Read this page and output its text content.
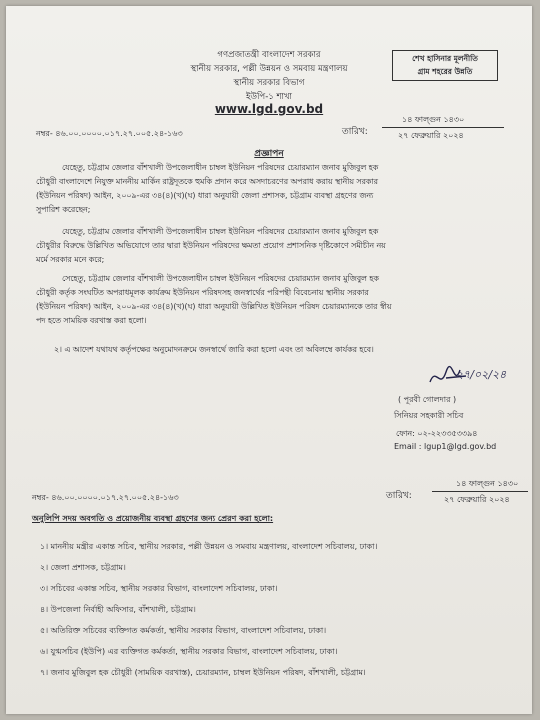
গণপ্রজাতন্ত্রী বাংলাদেশ সরকার
স্থানীয় সরকার, পল্লী উন্নয়ন ও সমবায় মন্ত্রণালয়
স্থানীয় সরকার বিভাগ
ইউপি-১ শাখা
www.lgd.gov.bd
শেখ হাসিনার মূলনীতি
গ্রাম শহরের উন্নতি
নম্বর- ৪৬.০০.০০০০.০১৭.২৭.০০৫.২৪-১৬৩	তারিখ:
১৪ ফাল্গুন ১৪৩০
২৭ ফেব্রুয়ারি ২০২৪
প্রজ্ঞাপন
যেহেতু, চট্টগ্রাম জেলার বাঁশখালী উপজেলাধীন চাম্বল ইউনিয়ন পরিষদের চেয়ারম্যান জনাব মুজিবুল হক
চৌধুরী বাংলাদেশে নিযুক্ত মাননীয় মার্কিন রাষ্ট্রদূতকে হুমকি প্রদান করে অসদাচরণের অপরাধ করায় স্থানীয় সরকার
(ইউনিয়ন পরিষদ) আইন, ২০০৯-এর ৩৪(৪)(খ)(ঘ) ধারা অনুযায়ী জেলা প্রশাসক, চট্টগ্রাম ব্যবস্থা গ্রহণের জন্য
সুপারিশ করেছেন;
যেহেতু, চট্টগ্রাম জেলার বাঁশখালী উপজেলাধীন চাম্বল ইউনিয়ন পরিষদের চেয়ারম্যান জনাব মুজিবুল হক
চৌধুরীর বিরুদ্ধে উল্লিখিত অভিযোগে তার দ্বারা ইউনিয়ন পরিষদের ক্ষমতা প্রয়োগ প্রশাসনিক দৃষ্টিকোণে সমীচীন নয়
মর্মে সরকার মনে করে;
সেহেতু, চট্টগ্রাম জেলার বাঁশখালী উপজেলাধীন চাম্বল ইউনিয়ন পরিষদের চেয়ারম্যান জনাব মুজিবুল হক
চৌধুরী কর্তৃক সংঘটিত অপরাধমূলক কার্যক্রম ইউনিয়ন পরিষদসহ জনস্বার্থের পরিপন্থী বিবেচনায় স্থানীয় সরকার
(ইউনিয়ন পরিষদ) আইন, ২০০৯-এর ৩৪(৪)(খ)(ঘ) ধারা অনুযায়ী উল্লিখিত ইউনিয়ন পরিষদ চেয়ারম্যানকে তার স্বীয়
পদ হতে সাময়িক বরখাস্ত করা হলো।
২। এ আদেশ যথাযথ কর্তৃপক্ষের অনুমোদনক্রমে জনস্বার্থে জারি করা হলো এবং তা অবিলম্বে কার্যকর হবে।
২৭/০২/২৪
( পূরবী গোলদার )
সিনিয়র সহকারী সচিব
ফোন: ০২-২২৩৩৫৩৩৯৪
Email : lgup1@lgd.gov.bd
নম্বর- ৪৬.০০.০০০০.০১৭.২৭.০০৫.২৪-১৬৩	তারিখ:
১৪ ফাল্গুন ১৪৩০
২৭ ফেব্রুয়ারি ২০২৪
অনুলিপি সদয় অবগতি ও প্রয়োজনীয় ব্যবস্থা গ্রহণের জন্য প্রেরণ করা হলো:
১। মাননীয় মন্ত্রীর একান্ত সচিব, স্থানীয় সরকার, পল্লী উন্নয়ন ও সমবায় মন্ত্রণালয়, বাংলাদেশ সচিবালয়, ঢাকা।
২। জেলা প্রশাসক, চট্টগ্রাম।
৩। সচিবের একান্ত সচিব, স্থানীয় সরকার বিভাগ, বাংলাদেশ সচিবালয়, ঢাকা।
৪। উপজেলা নির্বাহী অফিসার, বাঁশখালী, চট্টগ্রাম।
৫। অতিরিক্ত সচিবের ব্যক্তিগত কর্মকর্তা, স্থানীয় সরকার বিভাগ, বাংলাদেশ সচিবালয়, ঢাকা।
৬। যুগ্মসচিব (ইউপি) এর ব্যক্তিগত কর্মকর্তা, স্থানীয় সরকার বিভাগ, বাংলাদেশ সচিবালয়, ঢাকা।
৭। জনাব মুজিবুল হক চৌধুরী (সাময়িক বরখাস্ত), চেয়ারম্যান, চাম্বল ইউনিয়ন পরিষদ, বাঁশখালী, চট্টগ্রাম।
